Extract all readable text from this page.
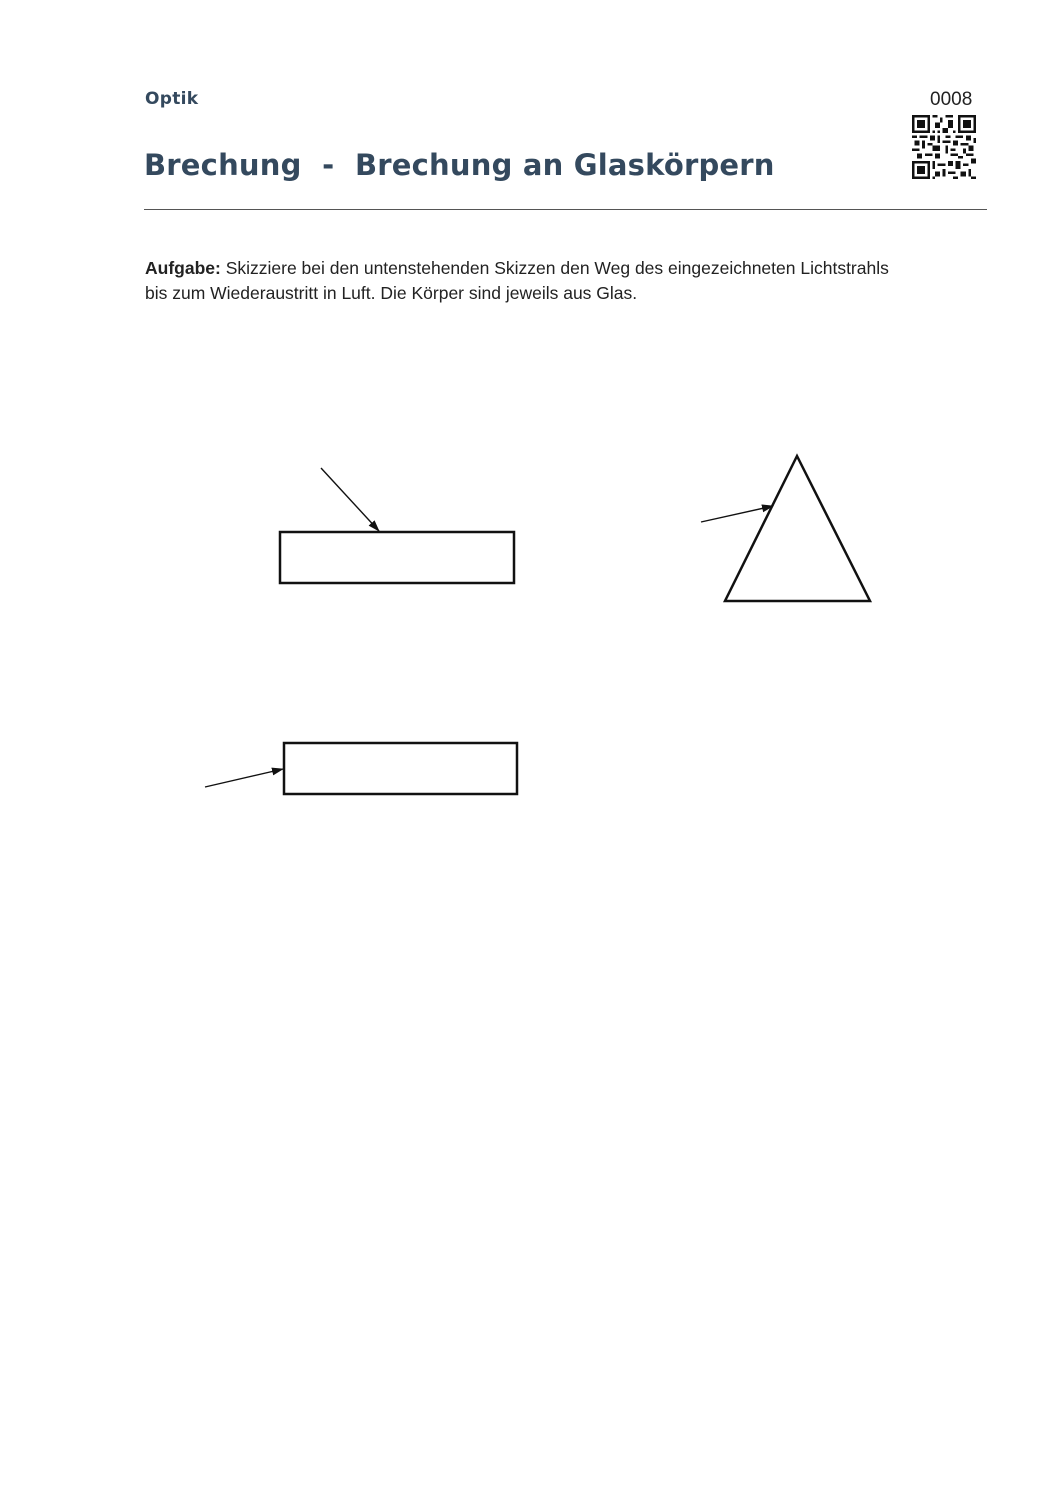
Optik	0008
Brechung  -  Brechung an Glaskörpern
Aufgabe: Skizziere bei den untenstehenden Skizzen den Weg des eingezeichneten Lichtstrahls
bis zum Wiederaustritt in Luft. Die Körper sind jeweils aus Glas.
